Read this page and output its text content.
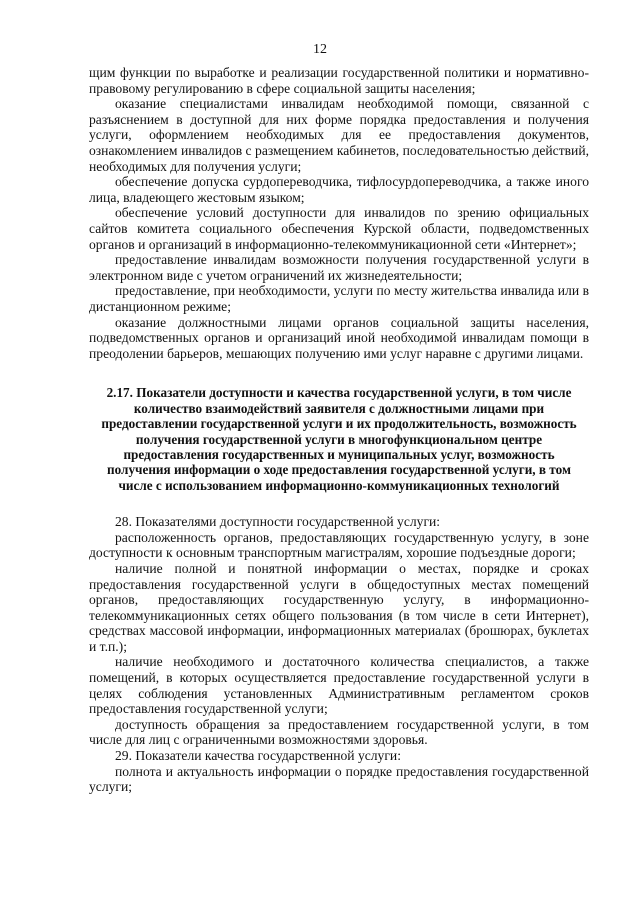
12

щим функции по выработке и реализации государственной политики и нормативно-правовому регулированию в сфере социальной защиты населения;

оказание специалистами инвалидам необходимой помощи, связанной с разъяснением в доступной для них форме порядка предоставления и получения услуги, оформлением необходимых для ее предоставления документов, ознакомлением инвалидов с размещением кабинетов, последовательностью действий, необходимых для получения услуги;

обеспечение допуска сурдопереводчика, тифлосурдопереводчика, а также иного лица, владеющего жестовым языком;

обеспечение условий доступности для инвалидов по зрению официальных сайтов комитета социального обеспечения Курской области, подведомственных органов и организаций в информационно-телекоммуникационной сети «Интернет»;

предоставление инвалидам возможности получения государственной услуги в электронном виде с учетом ограничений их жизнедеятельности;

предоставление, при необходимости, услуги по месту жительства инвалида или в дистанционном режиме;

оказание должностными лицами органов социальной защиты населения, подведомственных органов и организаций иной необходимой инвалидам помощи в преодолении барьеров, мешающих получению ими услуг наравне с другими лицами.

2.17. Показатели доступности и качества государственной услуги, в том числе количество взаимодействий заявителя с должностными лицами при предоставлении государственной услуги и их продолжительность, возможность получения государственной услуги в многофункциональном центре предоставления государственных и муниципальных услуг, возможность получения информации о ходе предоставления государственной услуги, в том числе с использованием информационно-коммуникационных технологий

28. Показателями доступности государственной услуги:

расположенность органов, предоставляющих государственную услугу, в зоне доступности к основным транспортным магистралям, хорошие подъездные дороги;

наличие полной и понятной информации о местах, порядке и сроках предоставления государственной услуги в общедоступных местах помещений органов, предоставляющих государственную услугу, в информационно-телекоммуникационных сетях общего пользования (в том числе в сети Интернет), средствах массовой информации, информационных материалах (брошюрах, буклетах и т.п.);

наличие необходимого и достаточного количества специалистов, а также помещений, в которых осуществляется предоставление государственной услуги в целях соблюдения установленных Административным регламентом сроков предоставления государственной услуги;

доступность обращения за предоставлением государственной услуги, в том числе для лиц с ограниченными возможностями здоровья.

29. Показатели качества государственной услуги:

полнота и актуальность информации о порядке предоставления государственной услуги;
